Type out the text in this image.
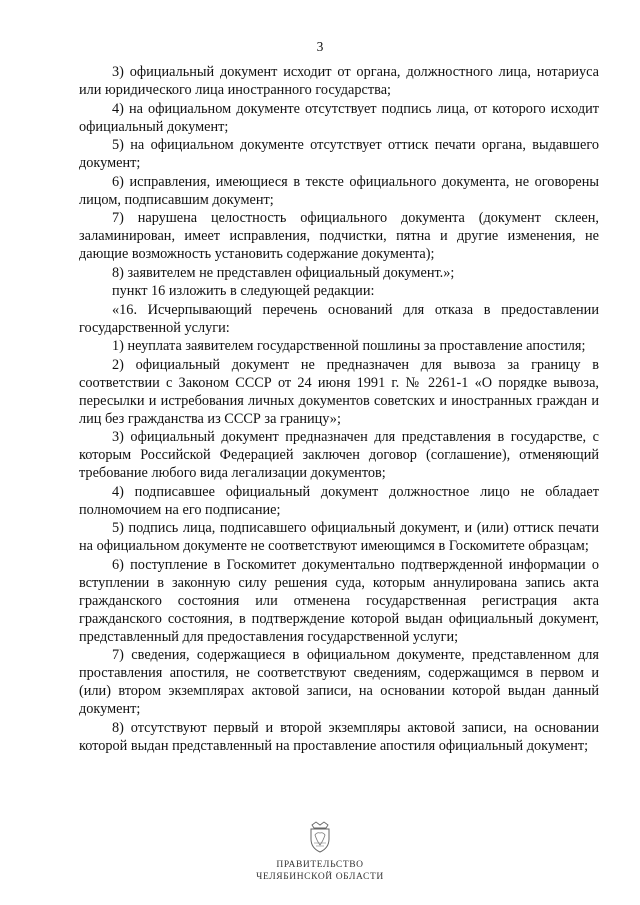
3

3) официальный документ исходит от органа, должностного лица, нотариуса или юридического лица иностранного государства;

4) на официальном документе отсутствует подпись лица, от которого исходит официальный документ;

5) на официальном документе отсутствует оттиск печати органа, выдавшего документ;

6) исправления, имеющиеся в тексте официального документа, не оговорены лицом, подписавшим документ;

7) нарушена целостность официального документа (документ склеен, заламинирован, имеет исправления, подчистки, пятна и другие изменения, не дающие возможность установить содержание документа);

8) заявителем не представлен официальный документ.»;

пункт 16 изложить в следующей редакции:

«16. Исчерпывающий перечень оснований для отказа в предоставлении государственной услуги:

1) неуплата заявителем государственной пошлины за проставление апостиля;

2) официальный документ не предназначен для вывоза за границу в соответствии с Законом СССР от 24 июня 1991 г. № 2261-1 «О порядке вывоза, пересылки и истребования личных документов советских и иностранных граждан и лиц без гражданства из СССР за границу»;

3) официальный документ предназначен для представления в государстве, с которым Российской Федерацией заключен договор (соглашение), отменяющий требование любого вида легализации документов;

4) подписавшее официальный документ должностное лицо не обладает полномочием на его подписание;

5) подпись лица, подписавшего официальный документ, и (или) оттиск печати на официальном документе не соответствуют имеющимся в Госкомитете образцам;

6) поступление в Госкомитет документально подтвержденной информации о вступлении в законную силу решения суда, которым аннулирована запись акта гражданского состояния или отменена государственная регистрация акта гражданского состояния, в подтверждение которой выдан официальный документ, представленный для предоставления государственной услуги;

7) сведения, содержащиеся в официальном документе, представленном для проставления апостиля, не соответствуют сведениям, содержащимся в первом и (или) втором экземплярах актовой записи, на основании которой выдан данный документ;

8) отсутствуют первый и второй экземпляры актовой записи, на основании которой выдан представленный на проставление апостиля официальный документ;

ПРАВИТЕЛЬСТВО
ЧЕЛЯБИНСКОЙ ОБЛАСТИ
